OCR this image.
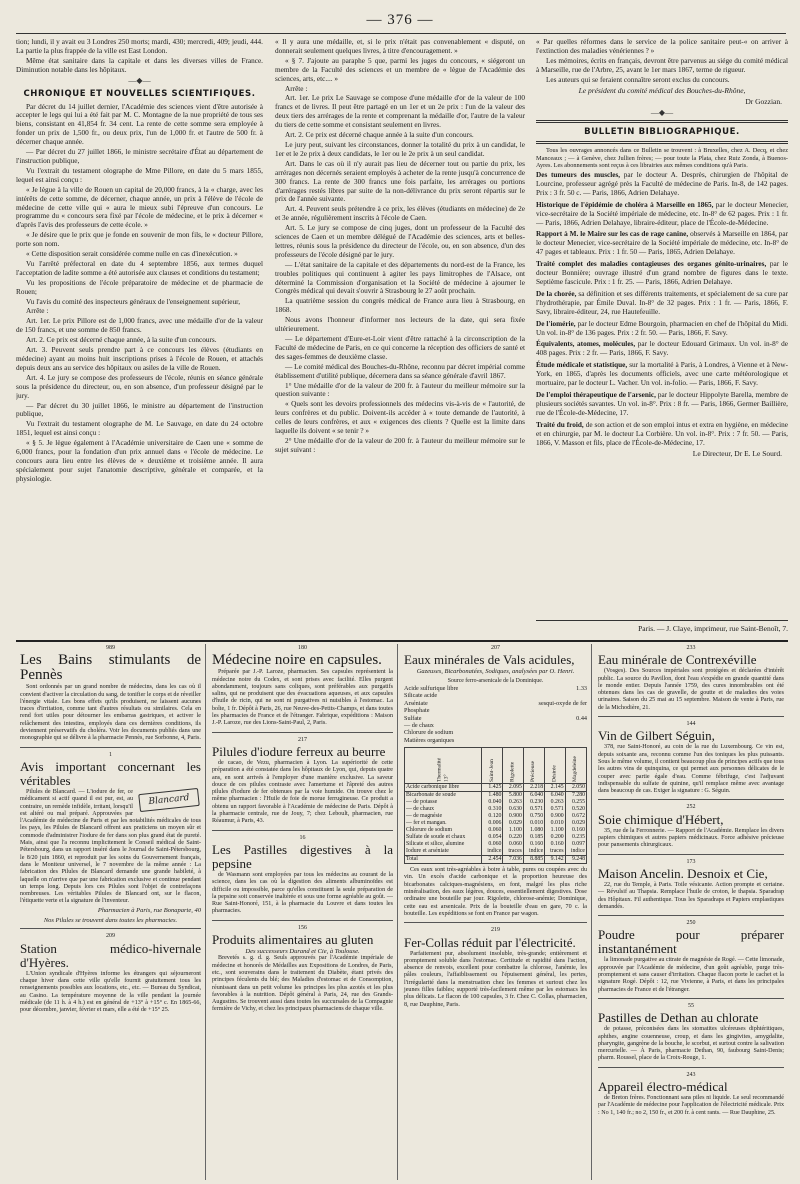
— 376 —

tion; lundi, il y avait eu 3 Londres 250 morts; mardi, 430; mercredi, 409; jeudi, 444. La partie la plus frappée de la ville est East London.

Même état sanitaire dans la capitale et dans les diverses villes de France. Diminution notable dans les hôpitaux.

—◆—
CHRONIQUE ET NOUVELLES SCIENTIFIQUES.

Par décret du 14 juillet dernier, l'Académie des sciences vient d'être autorisée à accepter le legs qui lui a été fait par M. C. Montagne de la nue propriété de tous ses biens, consistant en 41,854 fr. 34 cent. La rente de cette somme sera employée à fonder un prix de 1,500 fr., ou deux prix, l'un de 1,000 fr. et l'autre de 500 fr. à décerner chaque année.

— Par décret du 27 juillet 1866, le ministre secrétaire d'État au département de l'instruction publique,

Vu l'extrait du testament olographe de Mme Pillore, en date du 5 mars 1855, lequel est ainsi conçu :

« Je lègue à la ville de Rouen un capital de 20,000 francs, à la « charge, avec les intérêts de cette somme, de décerner, chaque année, un prix à l'élève de l'école de médecine de cette ville qui « aura le mieux subi l'épreuve d'un concours. Le programme du « concours sera fixé par l'école de médecine, et le prix à décerner « d'après l'avis des professeurs de cette école. »

« Je désire que le prix que je fonde en souvenir de mon fils, le « docteur Pillore, porte son nom.

« Cette disposition serait considérée comme nulle en cas d'inexécution. »

Vu l'arrêté préfectoral en date du 4 septembre 1856, aux termes duquel l'acceptation de ladite somme a été autorisée aux clauses et conditions du testament;

Vu les propositions de l'école préparatoire de médecine et de pharmacie de Rouen;

Vu l'avis du comité des inspecteurs généraux de l'enseignement supérieur,

Arrête :

Art. 1er. Le prix Pillore est de 1,000 francs, avec une médaille d'or de la valeur de 150 francs, et une somme de 850 francs.

Art. 2. Ce prix est décerné chaque année, à la suite d'un concours.

Art. 3. Peuvent seuls prendre part à ce concours les élèves (étudiants en médecine) ayant au moins huit inscriptions prises à l'école de Rouen, et attachés depuis deux ans au service des hôpitaux ou asiles de la ville de Rouen.

Art. 4. Le jury se compose des professeurs de l'école, réunis en séance générale sous la présidence du directeur, ou, en son absence, d'un professeur désigné par le jury.

— Par décret du 30 juillet 1866, le ministre au département de l'instruction publique,

Vu l'extrait du testament olographe de M. Le Sauvage, en date du 24 octobre 1851, lequel est ainsi conçu :

« § 5. Je lègue également à l'Académie universitaire de Caen une « somme de 6,000 francs, pour la fondation d'un prix annuel dans « l'école de médecine. Le concours aura lieu entre les élèves de « deuxième et troisième année. Il aura spécialement pour sujet l'anatomie descriptive, générale et comparée, et la physiologie.

« Il y aura une médaille, et, si le prix n'était pas convenablement « disputé, on donnerait seulement quelques livres, à titre d'encouragement. »

« § 7. J'ajoute au paraphe 5 que, parmi les juges du concours, « siégeront un membre de la Faculté des sciences et un membre de « lègue de l'Académie des sciences, arts, etc.... »

Arrête :

Art. 1er. Le prix Le Sauvage se compose d'une médaille d'or de la valeur de 100 francs et de livres. Il peut être partagé en un 1er et un 2e prix : l'un de la valeur des deux tiers des arrérages de la rente et comprenant la médaille d'or, l'autre de la valeur du tiers de cette somme et consistant seulement en livres.

Art. 2. Ce prix est décerné chaque année à la suite d'un concours.

Le jury peut, suivant les circonstances, donner la totalité du prix à un candidat, le 1er et le 2e prix à deux candidats, le 1er ou le 2e prix à un seul candidat.

Art. Dans le cas où il n'y aurait pas lieu de décerner tout ou partie du prix, les arrérages non décernés seraient employés à acheter de la rente jusqu'à concurrence de 300 francs. La rente de 300 francs une fois parfaite, les arrérages ou portions d'arrérages restés libres par suite de la non-délivrance du prix seront répartis sur le prix de l'année suivante.

Art. 4. Peuvent seuls prétendre à ce prix, les élèves (étudiants en médecine) de 2e et 3e année, régulièrement inscrits à l'école de Caen.

Art. 5. Le jury se compose de cinq juges, dont un professeur de la Faculté des sciences de Caen et un membre délégué de l'Académie des sciences, arts et belles-lettres, réunis sous la présidence du directeur de l'école, ou, en son absence, d'un des professeurs de l'école désigné par le jury.

— L'état sanitaire de la capitale et des départements du nord-est de la France, les troubles politiques qui continuent à agiter les pays limitrophes de l'Alsace, ont déterminé la Commission d'organisation et la Société de médecine à ajourner le Congrès médical qui devait s'ouvrir à Strasbourg le 27 août prochain.

La quatrième session du congrès médical de France aura lieu à Strasbourg, en 1868.

Nous avons l'honneur d'informer nos lecteurs de la date, qui sera fixée ultérieurement.

— Le département d'Eure-et-Loir vient d'être rattaché à la circonscription de la Faculté de médecine de Paris, en ce qui concerne la réception des officiers de santé et des sages-femmes de deuxième classe.

— Le comité médical des Bouches-du-Rhône, reconnu par décret impérial comme établissement d'utilité publique, décernera dans sa séance générale d'avril 1867.

1° Une médaille d'or de la valeur de 200 fr. à l'auteur du meilleur mémoire sur la question suivante :

« Quels sont les devoirs professionnels des médecins vis-à-vis de « l'autorité, de leurs confrères et du public. Doivent-ils accéder à « toute demande de l'autorité, à celles de leurs confrères, et aux « exigences des clients ? Quelle est la limite dans laquelle ils doivent « se tenir ? »

2° Une médaille d'or de la valeur de 200 fr. à l'auteur du meilleur mémoire sur le sujet suivant :

« Par quelles réformes dans le service de la police sanitaire peut-« on arriver à l'extinction des maladies vénériennes ? »

Les mémoires, écrits en français, devront être parvenus au siége du comité médical à Marseille, rue de l'Arbre, 25, avant le 1er mars 1867, terme de rigueur.

Les auteurs qui se feraient connaître seront exclus du concours.

Le président du comité médical des Bouches-du-Rhône,
Dr Gozzian.
—◆—
BULLETIN BIBLIOGRAPHIQUE.

Tous les ouvrages annoncés dans ce Bulletin se trouvent : à Bruxelles, chez A. Decq, et chez Manceaux ; — à Genève, chez Jullien frères; — pour toute la Plata, chez Ruiz Zonda, à Buenos-Ayres. Les abonnements sont reçus à ces librairies aux mêmes conditions qu'à Paris.

Des tumeurs des muscles, par le docteur A. Desprès, chirurgien de l'hôpital de Lourcine, professeur agrégé près la Faculté de médecine de Paris. In-8, de 142 pages. Prix : 3 fr. 50 c. — Paris, 1866, Adrien Delahaye.

Historique de l'épidémie de choléra à Marseille en 1865, par le docteur Menecier, vice-secrétaire de la Société impériale de médecine, etc. In-8° de 62 pages. Prix : 1 fr. — Paris, 1866, Adrien Delahaye, libraire-éditeur, place de l'École-de-Médecine.

Rapport à M. le Maire sur les cas de rage canine, observés à Marseille en 1864, par le docteur Menecier, vice-secrétaire de la Société impériale de médecine, etc. In-8° de 47 pages et tableaux. Prix : 1 fr. 50 — Paris, 1865, Adrien Delahaye.

Traité complet des maladies contagieuses des organes génito-urinaires, par le docteur Bonnière; ouvrage illustré d'un grand nombre de figures dans le texte. Septième fascicule. Prix : 1 fr. 25. — Paris, 1866, Adrien Delahaye.

De la chorée, sa définition et ses différents traitements, et spécialement de sa cure par l'hydrothérapie, par Émile Duval. In-8° de 32 pages. Prix : 1 fr. — Paris, 1866, F. Savy, libraire-éditeur, 24, rue Hautefeuille.

De l'iomérie, par le docteur Edme Bourgoin, pharmacien en chef de l'hôpital du Midi. Un vol. in-8° de 136 pages. Prix : 2 fr. 50. — Paris, 1866, F. Savy.

Équivalents, atomes, molécules, par le docteur Edouard Grimaux. Un vol. in-8° de 408 pages. Prix : 2 fr. — Paris, 1866, F. Savy.

Étude médicale et statistique, sur la mortalité à Paris, à Londres, à Vienne et à New-York, en 1865, d'après les documents officiels, avec une carte météorologique et mortuaire, par le docteur L. Vacher. Un vol. in-folio. — Paris, 1866, F. Savy.

De l'emploi thérapeutique de l'arsenic, par le docteur Hippolyte Barella, membre de plusieurs sociétés savantes. Un vol. in-8°. Prix : 8 fr. — Paris, 1866, Germer Baillière, rue de l'École-de-Médecine, 17.

Traité du froid, de son action et de son emploi intus et extra en hygiène, en médecine et en chirurgie, par M. le docteur La Corbière. Un vol. in-8°. Prix : 7 fr. 50. — Paris, 1866, V. Masson et fils, place de l'École-de-Médecine, 17.

Le Directeur, Dr E. Le Sourd.
Paris. — J. Claye, imprimeur, rue Saint-Benoît, 7.
989
Les Bains stimulants de Pennès

Sont ordonnés par un grand nombre de médecins, dans les cas où il convient d'activer la circulation du sang, de tonifier le corps et de réveiller l'énergie vitale. Les bons effets qu'ils produisent, ne laissent aucunes traces d'irritation, comme tant d'autres résultats ou similaires. Cela en rend fort utiles pour détourner les embarras gastriques, et activer le relâchement des intestins, employés dans ces dernières conditions, ils deviennent préservatifs du choléra. Voir les documents publiés dans une monographie qui se délivre à la pharmacie Pennès, rue Sorbonne, 4, Paris.

1
Avis important concernant les véritables
Blancard

Pilules de Blancard. — L'iodure de fer, ce médicament si actif quand il est pur, est, au contraire, un remède infidèle, irritant, lorsqu'il est altéré ou mal préparé. Approuvées par l'Académie de médecine de Paris et par les notabilités médicales de tous les pays, les Pilules de Blancard offrent aux praticiens un moyen sûr et commode d'administrer l'iodure de fer dans son plus grand état de pureté. Mais, ainsi que l'a reconnu implicitement le Conseil médical de Saint-Pétersbourg, dans un rapport inséré dans le Journal de Saint-Pétersbourg, le 8/20 juin 1860, et reproduit par les soins du Gouvernement français, dans le Moniteur universel, le 7 novembre de la même année : La fabrication des Pilules de Blancard demande une grande habileté, à laquelle on n'arrive que par une fabrication exclusive et continue pendant un temps long. Depuis lors ces Pilules sont l'objet de contrefaçons nombreuses. Les véritables Pilules de Blancard ont, sur le flacon, l'étiquette verte et la signature de l'inventeur.

Pharmacien à Paris, rue Bonaparte, 40
Nos Pilules se trouvent dans toutes les pharmacies.
209
Station médico-hivernale d'Hyères.

L'Union syndicale d'Hyères informe les étrangers qui séjourneront chaque hiver dans cette ville qu'elle fournit gratuitement tous les renseignements possibles aux locations, etc., etc. — Bureau du Syndicat, au Casino. La température moyenne de la ville pendant la journée médicale (de 11 h. à 4 h.) est en général de +13° à +15° c. En 1865-66, pour décembre, janvier, février et mars, elle a été de +15° 25.

180
Médecine noire en capsules.

Préparée par J.-P. Laroze, pharmacien. Ses capsules représentent la médecine noire du Codex, et sont prises avec facilité. Elles purgent abondamment, toujours sans coliques, sont préférables aux purgatifs salins, qui ne produisent que des évacuations aqueuses, et aux capsules d'huile de ricin, qui ne sont ni purgatives ni nuisibles à l'estomac. La boîte, 1 fr. Dépôt à Paris, 26, rue Neuve-des-Petits-Champs, et dans toutes les pharmacies de France et de l'étranger. Fabrique, expéditions : Maison J.-P. Laroze, rue des Lions-Saint-Paul, 2, Paris.

217
Pilules d'iodure ferreux au beurre

de cacao, de Vezu, pharmacien à Lyon. La supériorité de cette préparation a été constatée dans les hôpitaux de Lyon, qui, depuis quatre ans, en sont arrivés à l'employer d'une manière exclusive. La saveur douce de ces pilules contraste avec l'amertume et l'âpreté des autres pilules d'iodure de fer obtenues par la voie humide. On trouve chez le même pharmacien : l'Huile de foie de morue ferrugineuse. Ce produit a obtenu un rapport favorable à l'Académie de médecine de Paris. Dépôt à la pharmacie centrale, rue de Jouy, 7; chez Leboult, pharmacien, rue Réaumur, à Paris, 43.

16
Les Pastilles digestives à la pepsine

de Wasmann sont employées par tous les médecins au courant de la science, dans les cas où la digestion des aliments albuminoïdes est difficile ou impossible, parce qu'elles constituent la seule préparation de la pepsine soit conservée inaltérée et sous une forme agréable au goût. — Rue Saint-Honoré, 151, à la pharmacie du Louvre et dans toutes les pharmacies.

156
Produits alimentaires au gluten
Des successeurs Durand et Cie, à Toulouse.

Brevetés s. g. d. g. Seuls approuvés par l'Académie impériale de médecine et honorés de Médailles aux Expositions de Londres, de Paris, etc., sont souverains dans le traitement du Diabète, étant privés des principes féculents du blé; des Maladies d'estomac et de Consomption, réunissant dans un petit volume les principes les plus azotés et les plus favorables à la nutrition. Dépôt général à Paris, 24, rue des Grands-Augustins. Se trouvent aussi dans toutes les succursales de la Compagnie fermière de Vichy, et chez les principaux pharmaciens de chaque ville.

207
Eaux minérales de Vals acidules,
Gazeuses, Bicarbonatées, Sodiques, analysées par O. Henri.
Source ferro-arsenicale de la Dominique.
Acide sulfurique libre	1.33
Silicate acide
Arséniate	sesqui-oxyde de fer
Phosphate
Sulfate	0.44
— de chaux
Chlorure de sodium
Matières organiques
Thermalité 13°	Saint-Jean	Rigolette	Précieuse	Désirée	Magdeleine
Acide carbonique libre	1.425	2.095	2.218	2.145	2.050
Bicarbonate de soude	1.480	5.800	6.040	6.040	7.280
— de potasse	0.040	0.263	0.230	0.263	0.255
— de chaux	0.310	0.630	0.571	0.571	0.520
— de magnésie	0.120	0.900	0.750	0.900	0.672
— fer et mangan.	0.006	0.029	0.010	0.010	0.029
Chlorure de sodium	0.060	1.100	1.080	1.100	0.160
Sulfate de soude et chaux	0.054	0.220	0.185	0.200	0.235
Silicate et silice, alumine	0.060	0.060	0.160	0.160	0.097
Iodure et arséniate	indice	traces	indice	traces	indice
Total	2.454	7.036	8.885	9.142	9.248

Ces eaux sont très-agréables à boire à table, pures ou coupées avec du vin. Un excès d'acide carbonique et la proportion heureuse des bicarbonates calciques-magnésiens, en font, malgré les plus riche minéralisation, des eaux légères, douces, essentiellement digestives. Dose ordinaire une bouteille par jour. Rigolette, chlorose-anémie; Dominique, cette eau est arsenicale. Prix de la bouteille d'eau en gare, 70 c. la bouteille. Les expéditions se font en France par wagon.

219
Fer-Collas réduit par l'électricité.

Parfaitement pur, absolument insoluble, très-grande; entièrement et promptement soluble dans l'estomac. Certitude et rapidité dans l'action, absence de renvois, excellent pour combattre la chlorose, l'anémie, les pâles couleurs, l'affaiblissement ou l'épuisement général, les pertes, l'irrégularité dans la menstruation chez les femmes et surtout chez les jeunes filles faibles; supporté très-facilement même par les estomacs les plus délicats. Le flacon de 100 capsules, 3 fr. Chez C. Collas, pharmacien, 8, rue Dauphine, Paris.

233
Eau minérale de Contrexéville

(Vosges). Des Sources impériales sont protégées et déclarées d'intérêt public. La source du Pavillon, dont l'eau s'expédie en grande quantité dans le monde entier. Depuis l'année 1759, des cures innombrables ont été obtenues dans les cas de gravelle, de goutte et de maladies des voies urinaires. Saison du 25 mai au 15 septembre. Maison de vente à Paris, rue de la Michodière, 21.

144
Vin de Gilbert Séguin,

378, rue Saint-Honoré, au coin de la rue du Luxembourg. Ce vin est, depuis soixante ans, reconnu comme l'un des toniques les plus puissants. Sous le même volume, il contient beaucoup plus de principes actifs que tous les autres vins de quinquina, ce qui permet aux personnes délicates de le couper avec partie égale d'eau. Comme fébrifuge, c'est l'adjuvant indispensable du sulfate de quinine, qu'il remplace même avec avantage dans beaucoup de cas. Exiger la signature : G. Séguin.

252
Soie chimique d'Hébert,

35, rue de la Ferronnerie. — Rapport de l'Académie. Remplace les divers papiers chimiques et autres papiers médicinaux. Force adhésive précieuse pour pansements chirurgicaux.

173
Maison Ancelin. Desnoix et Cie,

22, rue du Temple, à Paris. Toile vésicante. Action prompte et certaine. — Révulsif au Thapsia. Remplace l'huile de croton, le thapsia. Sparadrap des Hôpitaux. Fil authentique. Tous les Sparadraps et Papiers emplastiques demandés.

250
Poudre pour préparer instantanément

la limonade purgative au citrate de magnésie de Rogé. — Cette limonade, approuvée par l'Académie de médecine, d'un goût agréable, purge très-promptement et sans causer d'irritation. Chaque flacon porte le cachet et la signature Rogé. Dépôt : 12, rue Vivienne, à Paris, et dans les principales pharmacies de France et de l'étranger.

55
Pastilles de Dethan au chlorate

de potasse, préconisées dans les stomatites ulcéreuses diphtéritiques, aphthes, angine couenneuse, croup, et dans les gingivites, amygdalite, pharyngite, gangrène de la bouche, le scorbut, et surtout contre la salivation mercurielle. — À Paris, pharmacie Dethan, 90, faubourg Saint-Denis; pharm. Roussel, place de la Croix-Rouge, 1.

243
Appareil électro-médical

de Breton frères. Fonctionnant sans piles ni liquide. Le seul recommandé par l'Académie de médecine pour l'application de l'électricité médicale. Prix : No 1, 140 fr.; no 2, 150 fr., et 200 fr. à cent rants. — Rue Dauphine, 25.
